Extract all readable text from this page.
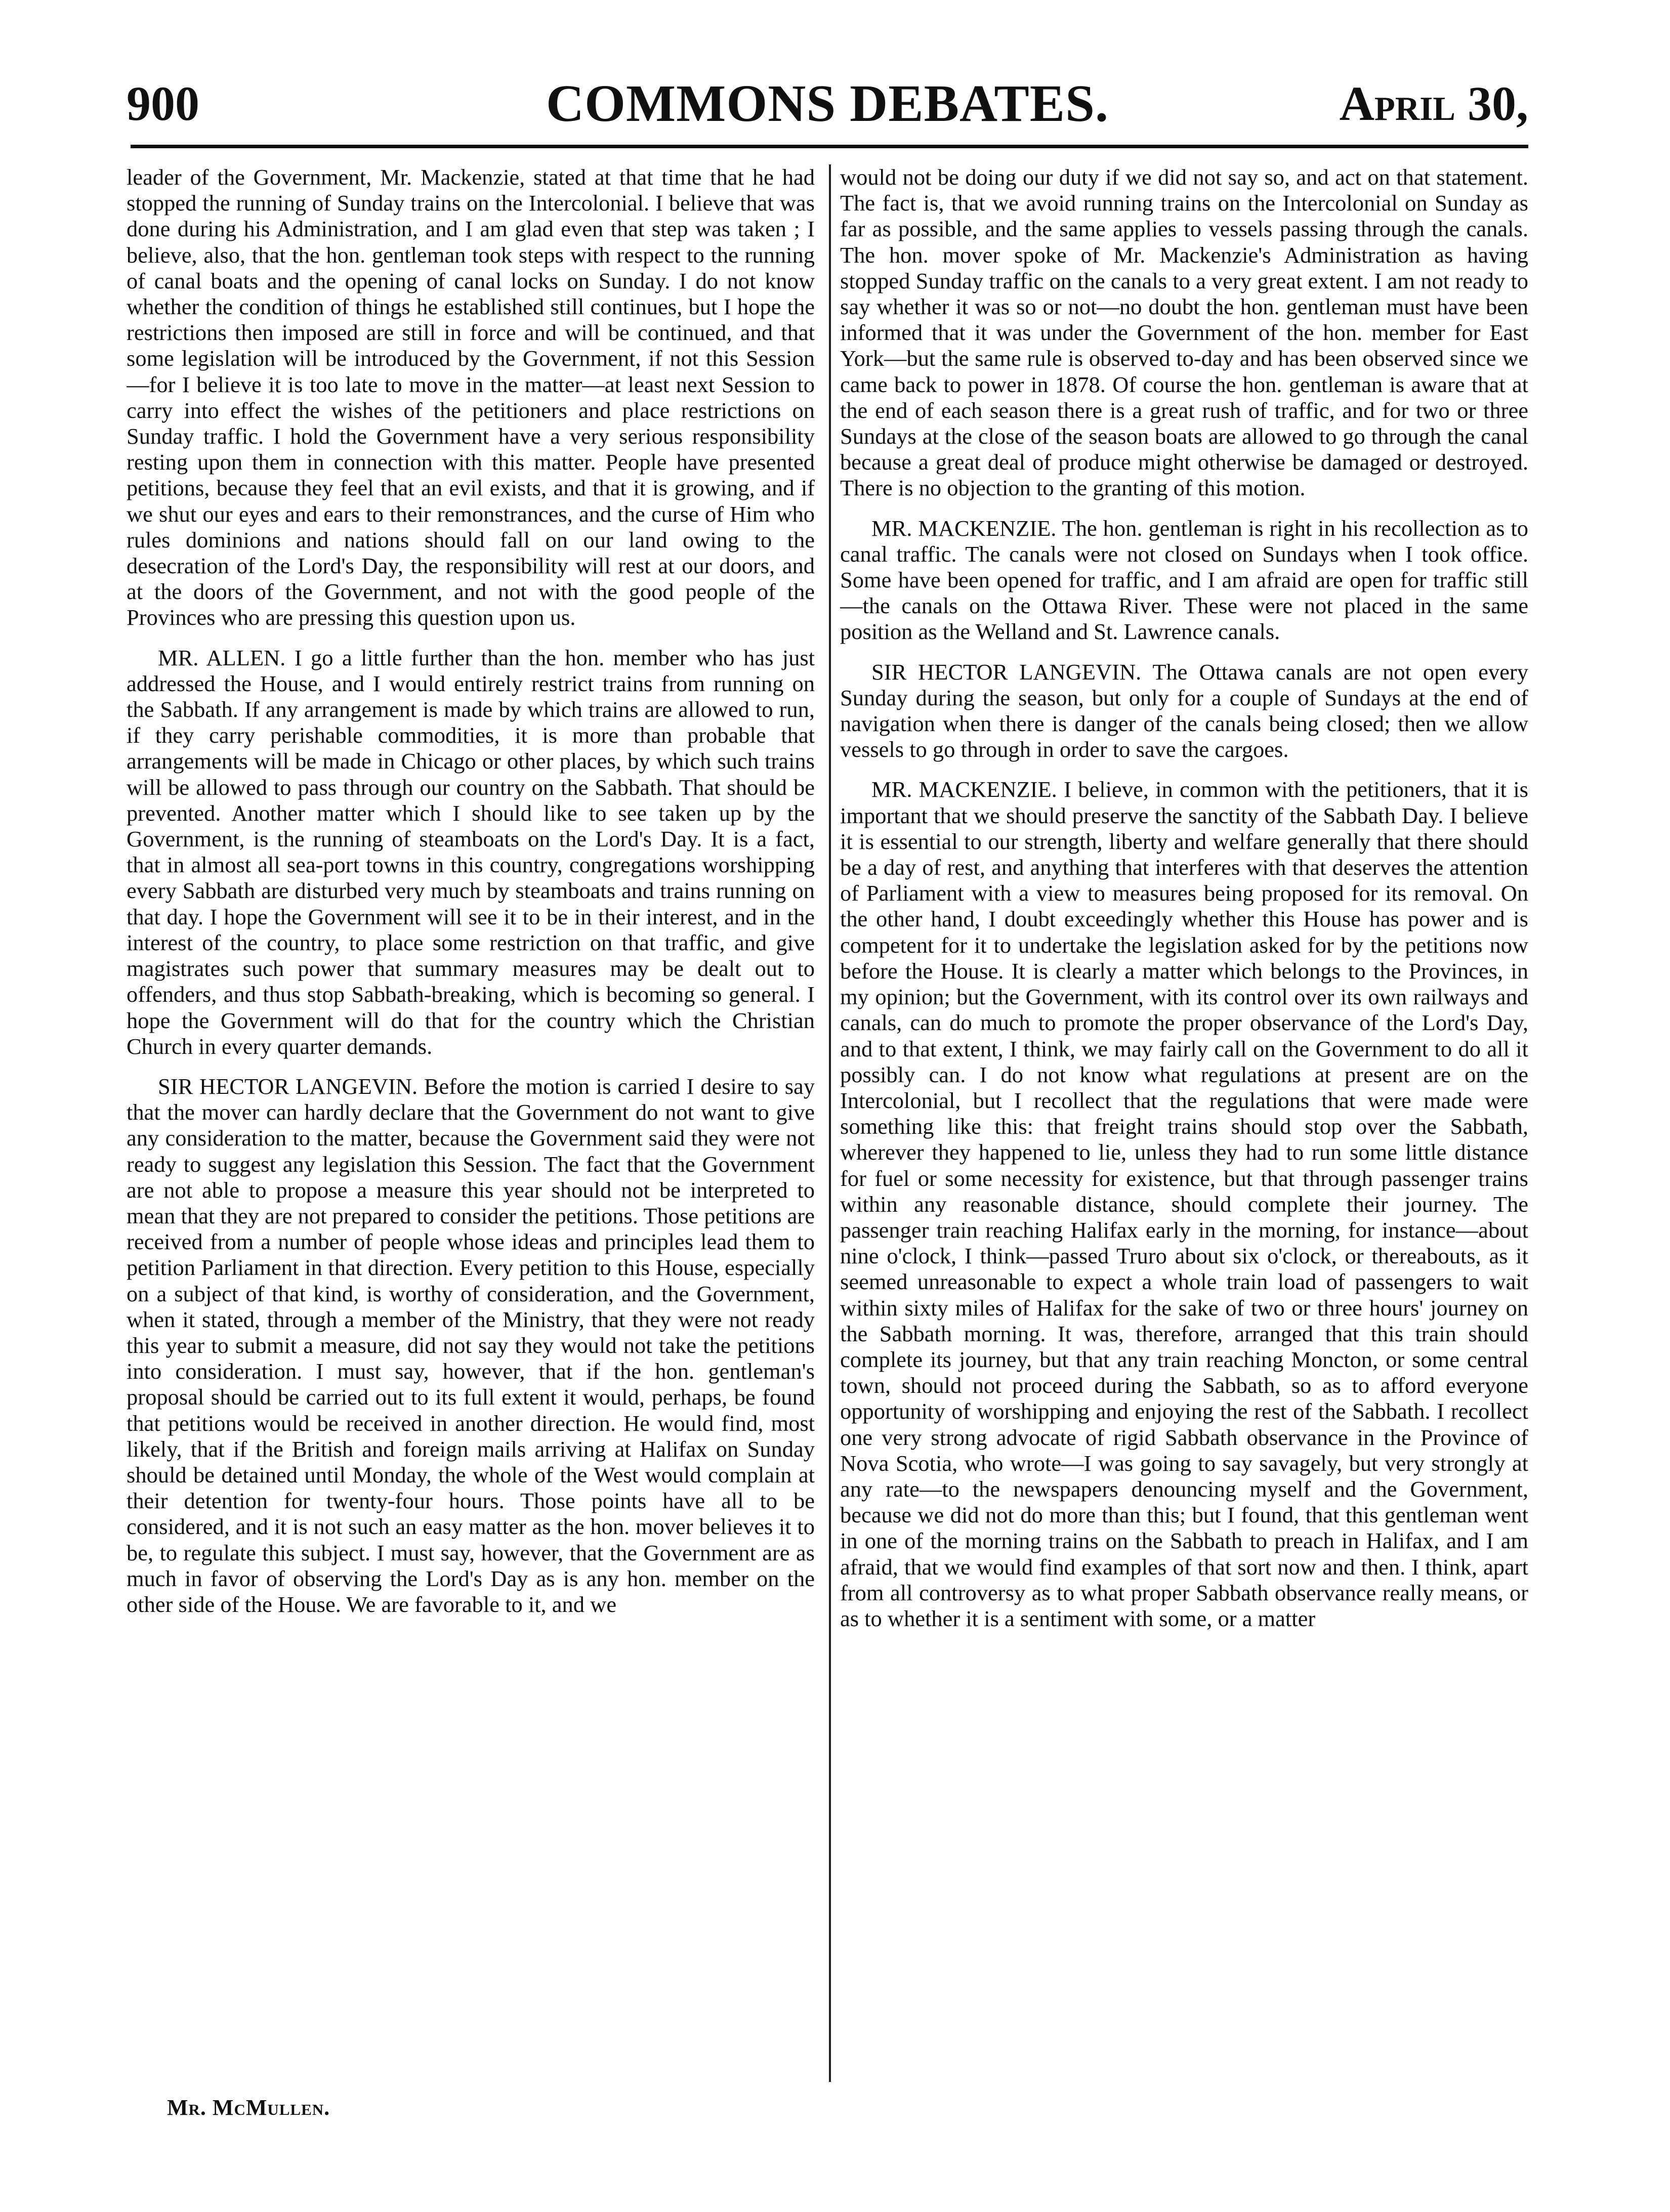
900	COMMONS DEBATES.	April 30,

leader of the Government, Mr. Mackenzie, stated at that time that he had stopped the running of Sunday trains on the Intercolonial. I believe that was done during his Administration, and I am glad even that step was taken ; I believe, also, that the hon. gentleman took steps with respect to the running of canal boats and the opening of canal locks on Sunday. I do not know whether the condition of things he established still continues, but I hope the restrictions then imposed are still in force and will be continued, and that some legislation will be introduced by the Government, if not this Session—for I believe it is too late to move in the matter—at least next Session to carry into effect the wishes of the petitioners and place restrictions on Sunday traffic. I hold the Government have a very serious responsibility resting upon them in connection with this matter. People have presented petitions, because they feel that an evil exists, and that it is growing, and if we shut our eyes and ears to their remonstrances, and the curse of Him who rules dominions and nations should fall on our land owing to the desecration of the Lord's Day, the responsibility will rest at our doors, and at the doors of the Government, and not with the good people of the Provinces who are pressing this question upon us.

MR. ALLEN. I go a little further than the hon. member who has just addressed the House, and I would entirely restrict trains from running on the Sabbath. If any arrangement is made by which trains are allowed to run, if they carry perishable commodities, it is more than probable that arrangements will be made in Chicago or other places, by which such trains will be allowed to pass through our country on the Sabbath. That should be prevented. Another matter which I should like to see taken up by the Government, is the running of steamboats on the Lord's Day. It is a fact, that in almost all sea-port towns in this country, congregations worshipping every Sabbath are disturbed very much by steamboats and trains running on that day. I hope the Government will see it to be in their interest, and in the interest of the country, to place some restriction on that traffic, and give magistrates such power that summary measures may be dealt out to offenders, and thus stop Sabbath-breaking, which is becoming so general. I hope the Government will do that for the country which the Christian Church in every quarter demands.

SIR HECTOR LANGEVIN. Before the motion is carried I desire to say that the mover can hardly declare that the Government do not want to give any consideration to the matter, because the Government said they were not ready to suggest any legislation this Session. The fact that the Government are not able to propose a measure this year should not be interpreted to mean that they are not prepared to consider the petitions. Those petitions are received from a number of people whose ideas and principles lead them to petition Parliament in that direction. Every petition to this House, especially on a subject of that kind, is worthy of consideration, and the Government, when it stated, through a member of the Ministry, that they were not ready this year to submit a measure, did not say they would not take the petitions into consideration. I must say, however, that if the hon. gentleman's proposal should be carried out to its full extent it would, perhaps, be found that petitions would be received in another direction. He would find, most likely, that if the British and foreign mails arriving at Halifax on Sunday should be detained until Monday, the whole of the West would complain at their detention for twenty-four hours. Those points have all to be considered, and it is not such an easy matter as the hon. mover believes it to be, to regulate this subject. I must say, however, that the Government are as much in favor of observing the Lord's Day as is any hon. member on the other side of the House. We are favorable to it, and we

would not be doing our duty if we did not say so, and act on that statement. The fact is, that we avoid running trains on the Intercolonial on Sunday as far as possible, and the same applies to vessels passing through the canals. The hon. mover spoke of Mr. Mackenzie's Administration as having stopped Sunday traffic on the canals to a very great extent. I am not ready to say whether it was so or not—no doubt the hon. gentleman must have been informed that it was under the Government of the hon. member for East York—but the same rule is observed to-day and has been observed since we came back to power in 1878. Of course the hon. gentleman is aware that at the end of each season there is a great rush of traffic, and for two or three Sundays at the close of the season boats are allowed to go through the canal because a great deal of produce might otherwise be damaged or destroyed. There is no objection to the granting of this motion.

MR. MACKENZIE. The hon. gentleman is right in his recollection as to canal traffic. The canals were not closed on Sundays when I took office. Some have been opened for traffic, and I am afraid are open for traffic still—the canals on the Ottawa River. These were not placed in the same position as the Welland and St. Lawrence canals.

SIR HECTOR LANGEVIN. The Ottawa canals are not open every Sunday during the season, but only for a couple of Sundays at the end of navigation when there is danger of the canals being closed; then we allow vessels to go through in order to save the cargoes.

MR. MACKENZIE. I believe, in common with the petitioners, that it is important that we should preserve the sanctity of the Sabbath Day. I believe it is essential to our strength, liberty and welfare generally that there should be a day of rest, and anything that interferes with that deserves the attention of Parliament with a view to measures being proposed for its removal. On the other hand, I doubt exceedingly whether this House has power and is competent for it to undertake the legislation asked for by the petitions now before the House. It is clearly a matter which belongs to the Provinces, in my opinion; but the Government, with its control over its own railways and canals, can do much to promote the proper observance of the Lord's Day, and to that extent, I think, we may fairly call on the Government to do all it possibly can. I do not know what regulations at present are on the Intercolonial, but I recollect that the regulations that were made were something like this: that freight trains should stop over the Sabbath, wherever they happened to lie, unless they had to run some little distance for fuel or some necessity for existence, but that through passenger trains within any reasonable distance, should complete their journey. The passenger train reaching Halifax early in the morning, for instance—about nine o'clock, I think—passed Truro about six o'clock, or thereabouts, as it seemed unreasonable to expect a whole train load of passengers to wait within sixty miles of Halifax for the sake of two or three hours' journey on the Sabbath morning. It was, therefore, arranged that this train should complete its journey, but that any train reaching Moncton, or some central town, should not proceed during the Sabbath, so as to afford everyone opportunity of worshipping and enjoying the rest of the Sabbath. I recollect one very strong advocate of rigid Sabbath observance in the Province of Nova Scotia, who wrote—I was going to say savagely, but very strongly at any rate—to the newspapers denouncing myself and the Government, because we did not do more than this; but I found, that this gentleman went in one of the morning trains on the Sabbath to preach in Halifax, and I am afraid, that we would find examples of that sort now and then. I think, apart from all controversy as to what proper Sabbath observance really means, or as to whether it is a sentiment with some, or a matter

Mr. McMullen.
